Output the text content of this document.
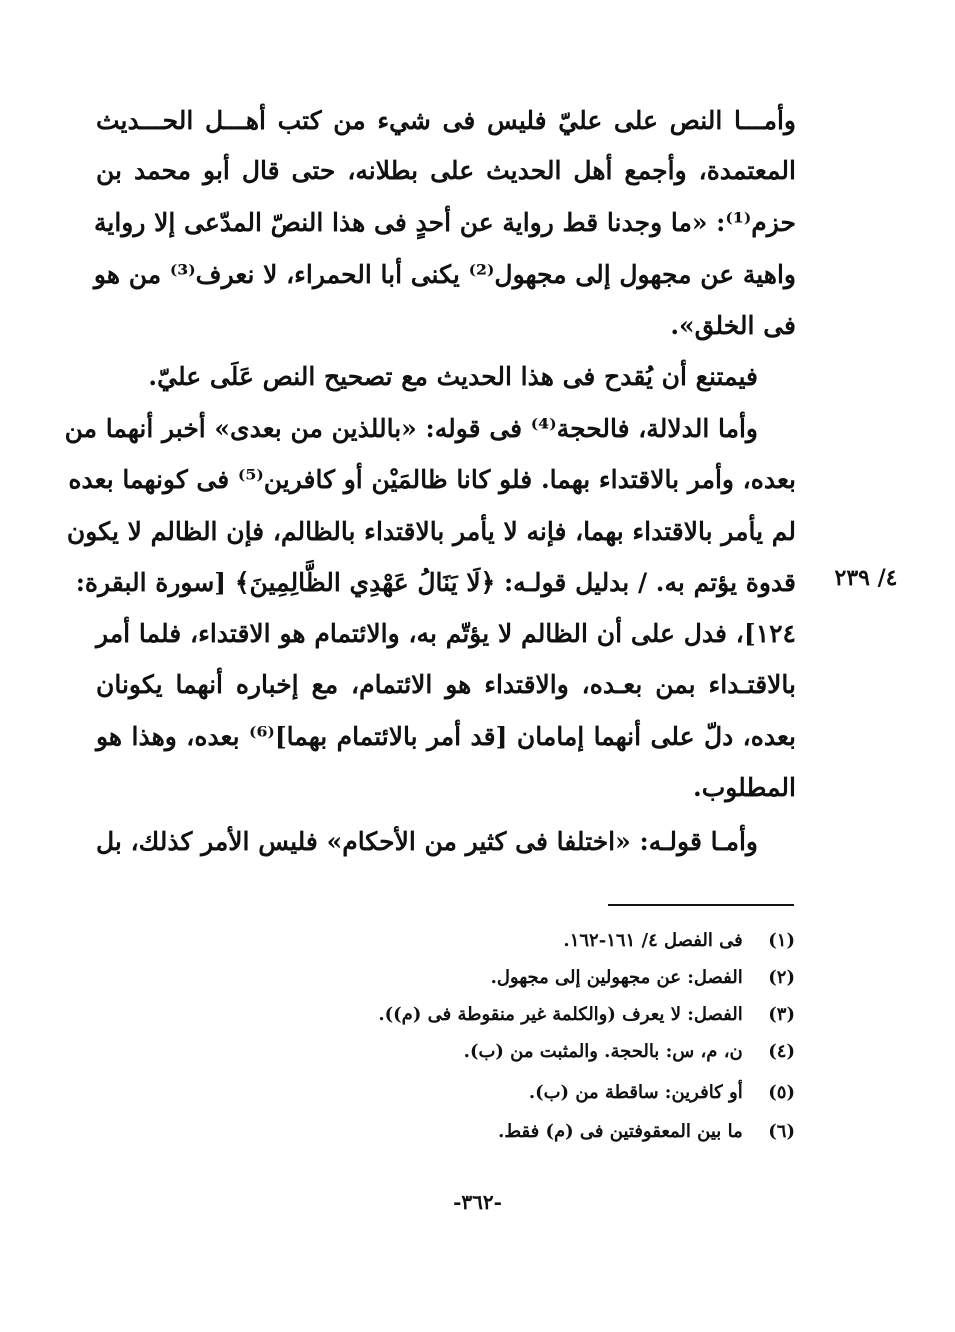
وأمـــا النص على عليّ فليس فى شيء من كتب أهـــل الحـــديث
المعتمدة، وأجمع أهل الحديث على بطلانه، حتى قال أبو محمد بن
حزم⁽¹⁾: «ما وجدنا قط رواية عن أحدٍ فى هذا النصّ المدّعى إلا رواية
واهية عن مجهول إلى مجهول⁽²⁾ يكنى أبا الحمراء، لا نعرف⁽³⁾ من هو
فى الخلق».
فيمتنع أن يُقدح فى هذا الحديث مع تصحيح النص عَلَى عليّ.
وأما الدلالة، فالحجة⁽⁴⁾ فى قوله: «باللذين من بعدى» أخبر أنهما من
بعده، وأمر بالاقتداء بهما. فلو كانا ظالمَيْن أو كافرين⁽⁵⁾ فى كونهما بعده
لم يأمر بالاقتداء بهما، فإنه لا يأمر بالاقتداء بالظالم، فإن الظالم لا يكون
قدوة يؤتم به. / بدليل قولـه: ﴿لَا يَنَالُ عَهْدِي الظَّالِمِينَ﴾ [سورة البقرة:
١٢٤]، فدل على أن الظالم لا يؤتّم به، والائتمام هو الاقتداء، فلما أمر
بالاقتـداء بمن بعـده، والاقتداء هو الائتمام، مع إخباره أنهما يكونان
بعده، دلّ على أنهما إمامان [قد أمر بالائتمام بهما]⁽⁶⁾ بعده، وهذا هو
المطلوب.
وأمـا قولـه: «اختلفا فى كثير من الأحكام» فليس الأمر كذلك، بل
٤/ ٢٣٩
(١) فى الفصل ٤/ ١٦١-١٦٢.
(٢) الفصل: عن مجهولين إلى مجهول.
(٣) الفصل: لا يعرف (والكلمة غير منقوطة فى (م)).
(٤) ن، م، س: بالحجة. والمثبت من (ب).
(٥) أو كافرين: ساقطة من (ب).
(٦) ما بين المعقوفتين فى (م) فقط.
-٣٦٢-
